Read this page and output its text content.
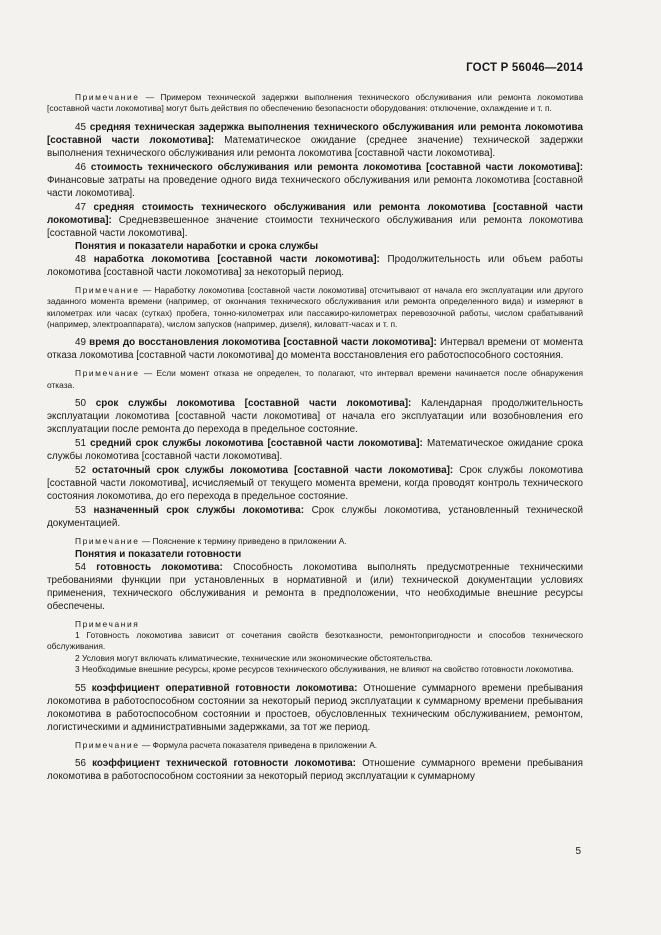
ГОСТ Р 56046—2014

Примечание — Примером технической задержки выполнения технического обслуживания или ремонта локомотива [составной части локомотива] могут быть действия по обеспечению безопасности оборудования: отключение, охлаждение и т. п.

45 средняя техническая задержка выполнения технического обслуживания или ремонта локомотива [составной части локомотива]: Математическое ожидание (среднее значение) технической задержки выполнения технического обслуживания или ремонта локомотива [составной части локомотива].

46 стоимость технического обслуживания или ремонта локомотива [составной части локомотива]: Финансовые затраты на проведение одного вида технического обслуживания или ремонта локомотива [составной части локомотива].

47 средняя стоимость технического обслуживания или ремонта локомотива [составной части локомотива]: Средневзвешенное значение стоимости технического обслуживания или ремонта локомотива [составной части локомотива].

Понятия и показатели наработки и срока службы

48 наработка локомотива [составной части локомотива]: Продолжительность или объем работы локомотива [составной части локомотива] за некоторый период.

Примечание — Наработку локомотива [составной части локомотива] отсчитывают от начала его эксплуатации или другого заданного момента времени (например, от окончания технического обслуживания или ремонта определенного вида) и измеряют в километрах или часах (сутках) пробега, тонно-километрах или пассажиро-километрах перевозочной работы, числом срабатываний (например, электроаппарата), числом запусков (например, дизеля), киловатт-часах и т. п.

49 время до восстановления локомотива [составной части локомотива]: Интервал времени от момента отказа локомотива [составной части локомотива] до момента восстановления его работоспособного состояния.

Примечание — Если момент отказа не определен, то полагают, что интервал времени начинается после обнаружения отказа.

50 срок службы локомотива [составной части локомотива]: Календарная продолжительность эксплуатации локомотива [составной части локомотива] от начала его эксплуатации или возобновления его эксплуатации после ремонта до перехода в предельное состояние.

51 средний срок службы локомотива [составной части локомотива]: Математическое ожидание срока службы локомотива [составной части локомотива].

52 остаточный срок службы локомотива [составной части локомотива]: Срок службы локомотива [составной части локомотива], исчисляемый от текущего момента времени, когда проводят контроль технического состояния локомотива, до его перехода в предельное состояние.

53 назначенный срок службы локомотива: Срок службы локомотива, установленный технической документацией.

Примечание — Пояснение к термину приведено в приложении А.

Понятия и показатели готовности

54 готовность локомотива: Способность локомотива выполнять предусмотренные техническими требованиями функции при установленных в нормативной и (или) технической документации условиях применения, технического обслуживания и ремонта в предположении, что необходимые внешние ресурсы обеспечены.

Примечания

1 Готовность локомотива зависит от сочетания свойств безотказности, ремонтопригодности и способов технического обслуживания.

2 Условия могут включать климатические, технические или экономические обстоятельства.

3 Необходимые внешние ресурсы, кроме ресурсов технического обслуживания, не влияют на свойство готовности локомотива.

55 коэффициент оперативной готовности локомотива: Отношение суммарного времени пребывания локомотива в работоспособном состоянии за некоторый период эксплуатации к суммарному времени пребывания локомотива в работоспособном состоянии и простоев, обусловленных техническим обслуживанием, ремонтом, логистическими и административными задержками, за тот же период.

Примечание — Формула расчета показателя приведена в приложении А.

56 коэффициент технической готовности локомотива: Отношение суммарного времени пребывания локомотива в работоспособном состоянии за некоторый период эксплуатации к суммарному

5
